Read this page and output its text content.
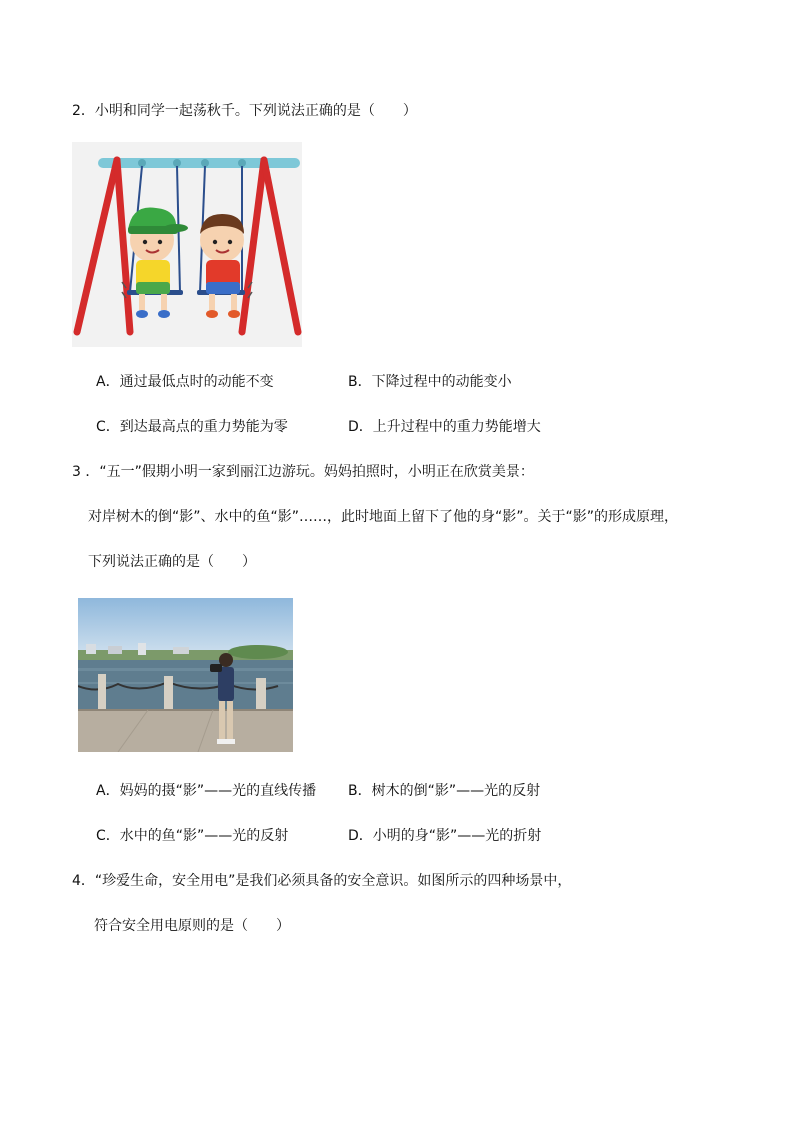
2．小明和同学一起荡秋千。下列说法正确的是（　　）
A．通过最低点时的动能不变	B．下降过程中的动能变小
C．到达最高点的重力势能为零	D．上升过程中的重力势能增大
3 ．“五一”假期小明一家到丽江边游玩。妈妈拍照时，小明正在欣赏美景：
对岸树木的倒“影”、水中的鱼“影”……，此时地面上留下了他的身“影”。关于“影”的形成原理，
下列说法正确的是（　　）
A．妈妈的摄“影”——光的直线传播 B．树木的倒“影”——光的反射
C．水中的鱼“影”——光的反射	D．小明的身“影”——光的折射
4．“珍爱生命，安全用电”是我们必须具备的安全意识。如图所示的四种场景中，
符合安全用电原则的是（　　）
